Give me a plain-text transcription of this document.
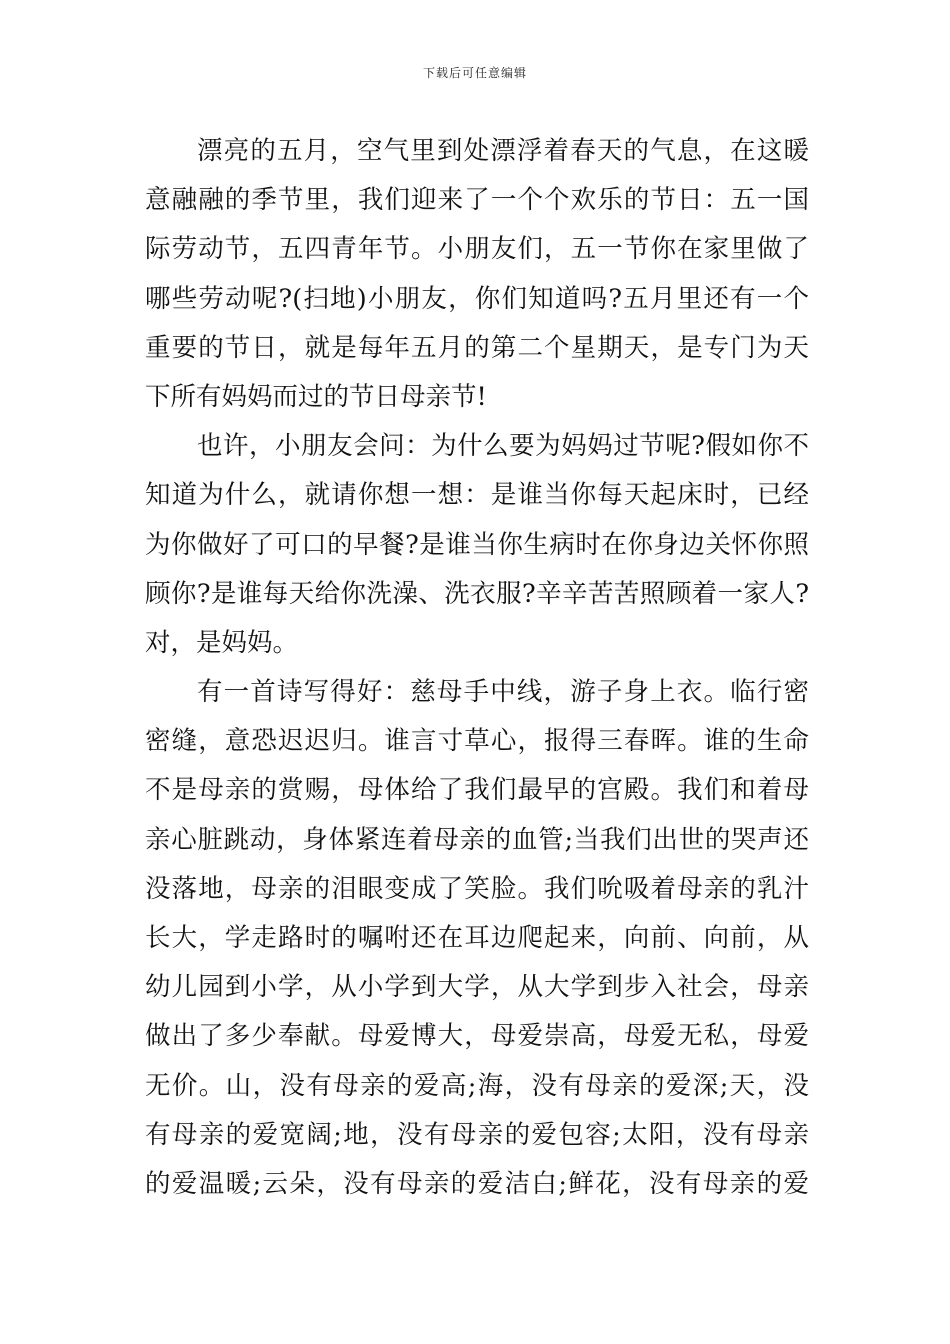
下载后可任意编辑
漂亮的五月，空气里到处漂浮着春天的气息，在这暖
意融融的季节里，我们迎来了一个个欢乐的节日：五一国
际劳动节，五四青年节。小朋友们，五一节你在家里做了
哪些劳动呢?(扫地)小朋友，你们知道吗?五月里还有一个
重要的节日，就是每年五月的第二个星期天，是专门为天
下所有妈妈而过的节日母亲节!
也许，小朋友会问：为什么要为妈妈过节呢?假如你不
知道为什么，就请你想一想：是谁当你每天起床时，已经
为你做好了可口的早餐?是谁当你生病时在你身边关怀你照
顾你?是谁每天给你洗澡、洗衣服?辛辛苦苦照顾着一家人?
对，是妈妈。
有一首诗写得好：慈母手中线，游子身上衣。临行密
密缝，意恐迟迟归。谁言寸草心，报得三春晖。谁的生命
不是母亲的赏赐，母体给了我们最早的宫殿。我们和着母
亲心脏跳动，身体紧连着母亲的血管;当我们出世的哭声还
没落地，母亲的泪眼变成了笑脸。我们吮吸着母亲的乳汁
长大，学走路时的嘱咐还在耳边爬起来，向前、向前，从
幼儿园到小学，从小学到大学，从大学到步入社会，母亲
做出了多少奉献。母爱博大，母爱崇高，母爱无私，母爱
无价。山，没有母亲的爱高;海，没有母亲的爱深;天，没
有母亲的爱宽阔;地，没有母亲的爱包容;太阳，没有母亲
的爱温暖;云朵，没有母亲的爱洁白;鲜花，没有母亲的爱
